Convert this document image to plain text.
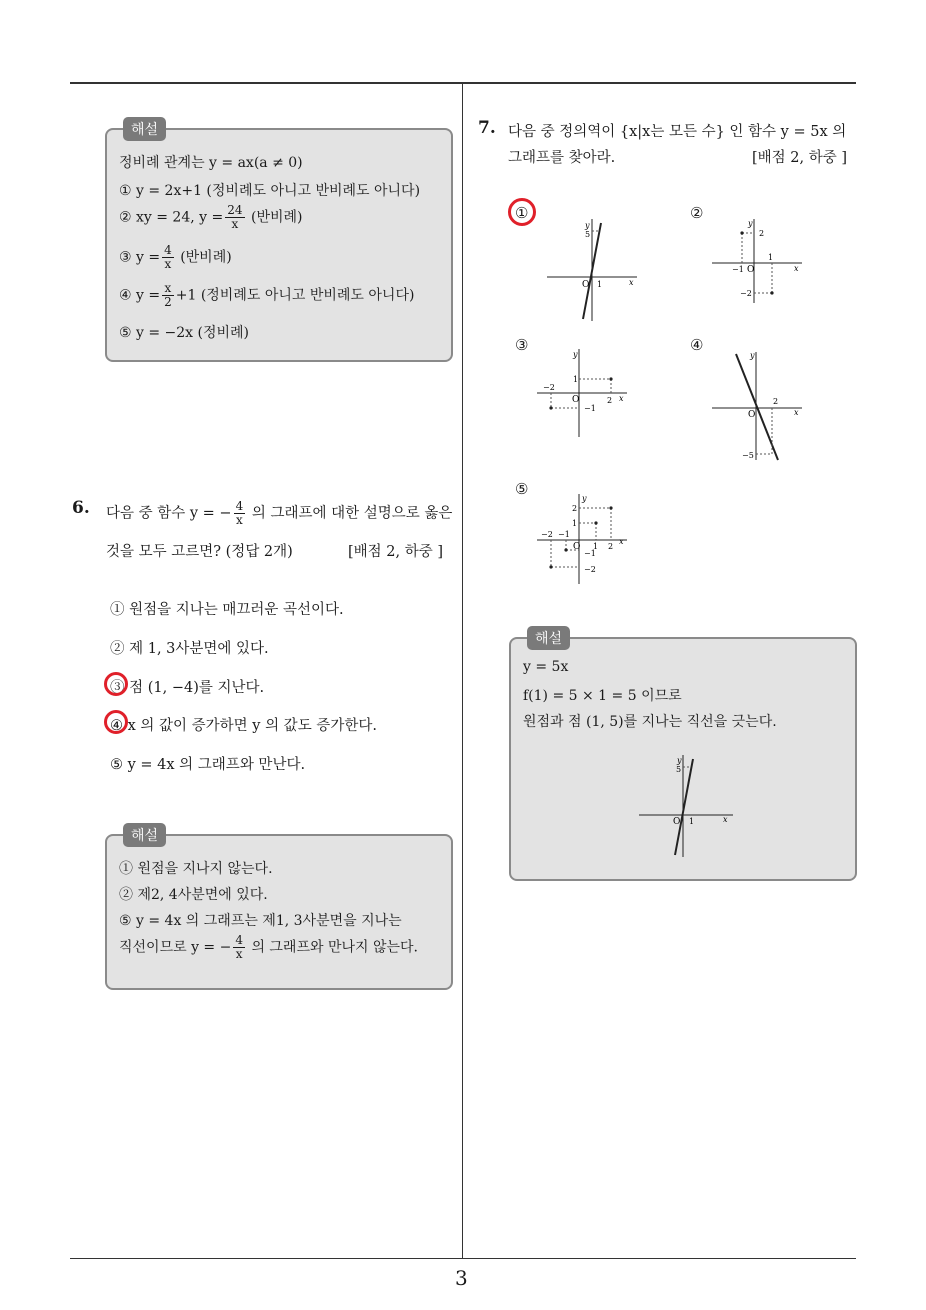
3
해설
정비례 관계는 y = ax(a ≠ 0)
① y = 2x+1 (정비례도 아니고 반비례도 아니다)
② xy = 24, $y = \frac{24}{x}$ (반비례)
③ $y = \frac{4}{x}$ (반비례)
④ $y = \frac{x}{2} +1$ (정비례도 아니고 반비례도 아니다)
⑤ y = −2x (정비례)
6. 다음 중 함수 y = − $\frac{4}{x}$ 의 그래프에 대한 설명으로 옳은
것을 모두 고르면? (정답 2개)	[배점 2, 하중 ]
① 원점을 지나는 매끄러운 곡선이다.
② 제 1, 3사분면에 있다.
③ 점 (1, −4)를 지난다.
④ x 의 값이 증가하면 y 의 값도 증가한다.
⑤ y = 4x 의 그래프와 만난다.
해설
① 원점을 지나지 않는다.
② 제2, 4사분면에 있다.
⑤ y = 4x 의 그래프는 제1, 3사분면을 지나는
직선이므로 y = − $\frac{4}{x}$ 의 그래프와 만나지 않는다.
7. 다음 중 정의역이 {x|x는 모든 수} 인 함수 y = 5x 의
그래프를 찾아라.	[배점 2, 하중 ]
①	②
③	④
⑤
y
5
O 1	x
y
2
−1 O
1
−2
x
y
1
−2
O	2
−1
x
y
2
O
−5
x
y
2
1
−2 −1
O 1 2
−1
−2
x
해설
y = 5x
f(1) = 5 × 1 = 5 이므로
원점과 점 (1, 5)를 지나는 직선을 긋는다.
y
5
O 1	x
